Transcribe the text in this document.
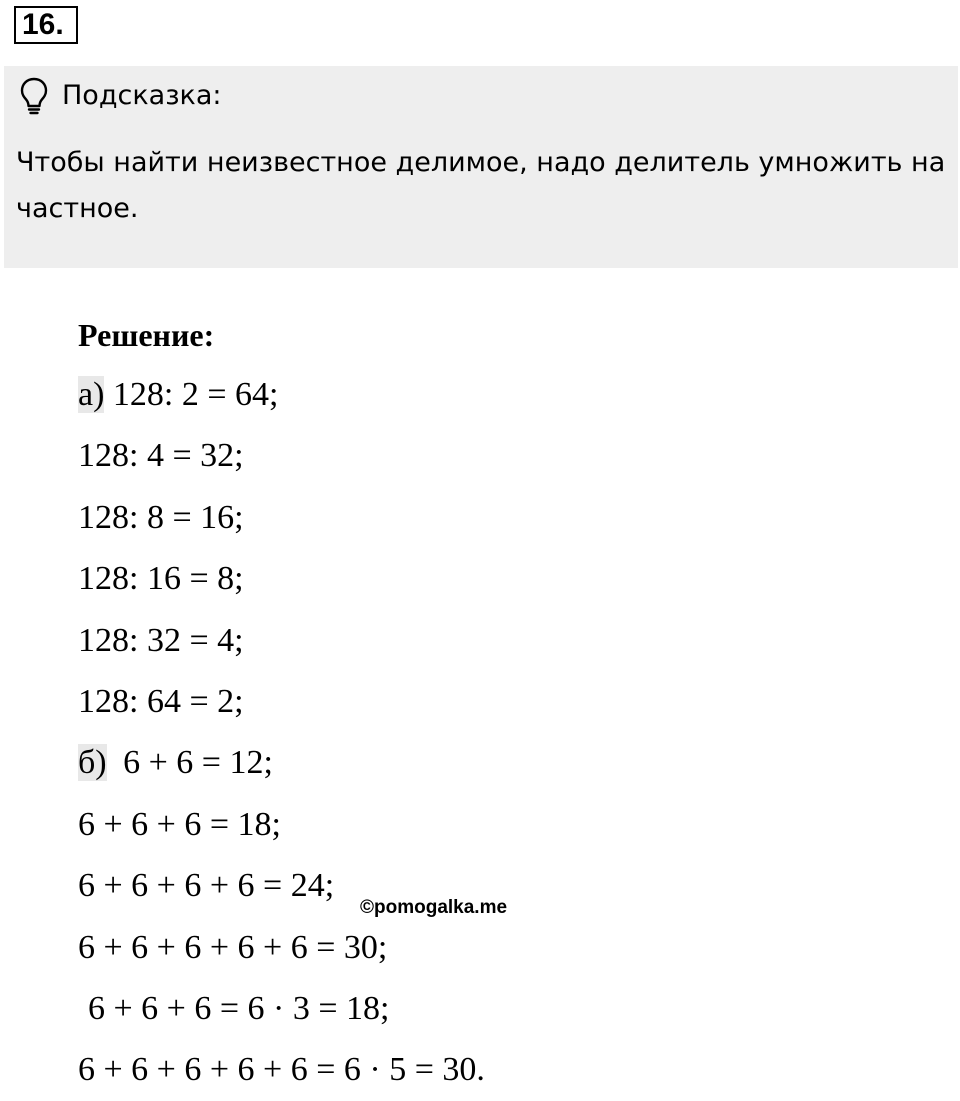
16.
Подсказка:

Чтобы найти неизвестное делимое, надо делитель умножить на частное.

Решение:
а) 128: 2 = 64;
128: 4 = 32;
128: 8 = 16;
128: 16 = 8;
128: 32 = 4;
128: 64 = 2;
б) 6 + 6 = 12;
6 + 6 + 6 = 18;
6 + 6 + 6 + 6 = 24;
6 + 6 + 6 + 6 + 6 = 30;
6 + 6 + 6 = 6 · 3 = 18;
6 + 6 + 6 + 6 + 6 = 6 · 5 = 30.
©pomogalka.me
